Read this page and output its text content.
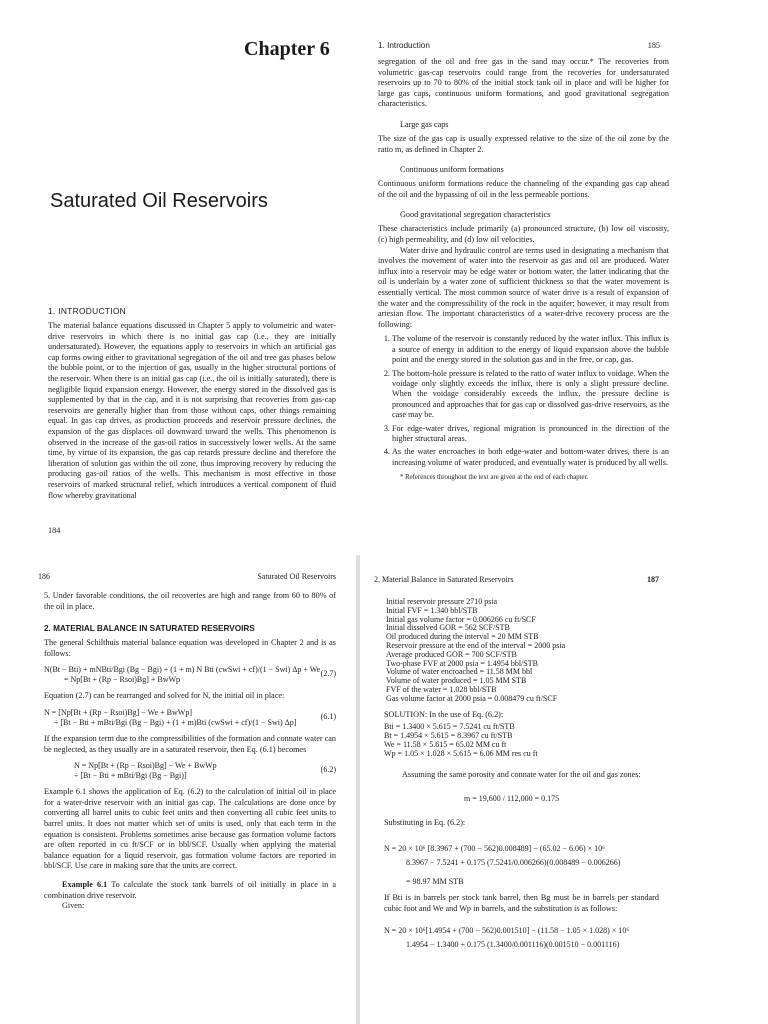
Chapter 6
Saturated Oil Reservoirs
1. INTRODUCTION

The material balance equations discussed in Chapter 5 apply to volumetric and water-drive reservoirs in which there is no initial gas cap (i.e., they are initially undersaturated). However, the equations apply to reservoirs in which an artificial gas cap forms owing either to gravitational segregation of the oil and tree gas phases below the bubble point, or to the injection of gas, usually in the higher structural portions of the reservoir. When there is an initial gas cap (i.e., the oil is initially saturated), there is negligible liquid expansion energy. However, the energy stored in the dissolved gas is supplemented by that in the cap, and it is not surprising that recoveries from gas-cap reservoirs are generally higher than from those without caps, other things remaining equal. In gas cap drives, as production proceeds and reservoir pressure declines, the expansion of the gas displaces oil downward toward the wells. This phenomenon is observed in the increase of the gas-oil ratios in successively lower wells. At the same time, by virtue of its expansion, the gas cap retards pressure decline and therefore the liberation of solution gas within the oil zone, thus improving recovery by reducing the producing gas-oil ratios of the wells. This mechanism is most effective in those reservoirs of marked structural relief, which introduces a vertical component of fluid flow whereby gravitational

184
1. Introduction	185

segregation of the oil and free gas in the sand may occur.* The recoveries from volumetric gas-cap reservoirs could range from the recoveries for undersaturated reservoirs up to 70 to 80% of the initial stock tank oil in place and will be higher for large gas caps, continuous uniform formations, and good gravitational segregation characteristics.

Large gas caps

The size of the gas cap is usually expressed relative to the size of the oil zone by the ratio m, as defined in Chapter 2.

Continuous uniform formations

Continuous uniform formations reduce the channeling of the expanding gas cap ahead of the oil and the bypassing of oil in the less permeable portions.

Good gravitational segregation characteristics

These characteristics include primarily (a) pronounced structure, (b) low oil viscosity, (c) high permeability, and (d) low oil velocities.

Water drive and hydraulic control are terms used in designating a mechanism that involves the movement of water into the reservoir as gas and oil are produced. Water influx into a reservoir may be edge water or bottom water, the latter indicating that the oil is underlain by a water zone of sufficient thickness so that the water movement is essentially vertical. The most common source of water drive is a result of expansion of the water and the compressibility of the rock in the aquifer; however, it may result from artesian flow. The important characteristics of a water-drive recovery process are the following:

1. The volume of the reservoir is constantly reduced by the water influx. This influx is a source of energy in addition to the energy of liquid expansion above the bubble point and the energy stored in the solution gas and in the free, or cap, gas.
2. The bottom-hole pressure is related to the ratio of water influx to voidage. When the voidage only slightly exceeds the influx, there is only a slight pressure decline. When the voidage considerably exceeds the influx, the pressure decline is pronounced and approaches that for gas cap or dissolved gas-drive reservoirs, as the case may be.
3. For edge-water drives, regional migration is pronounced in the direction of the higher structural areas.
4. As the water encroaches in both edge-water and bottom-water drives, there is an increasing volume of water produced, and eventually water is produced by all wells.
* References throughout the text are given at the end of each chapter.
186	Saturated Oil Reservoirs

5. Under favorable conditions, the oil recoveries are high and range from 60 to 80% of the oil in place.

2. MATERIAL BALANCE IN SATURATED RESERVOIRS

The general Schilthuis material balance equation was developed in Chapter 2 and is as follows:

N(Bt − Bti) + mNBti/Bgi (Bg − Bgi) + (1 + m) N Bti (cwSwi + cf)/(1 − Swi) Δp + We
= Np[Bt + (Rp − Rsoi)Bg] + BwWp
(2.7)

Equation (2.7) can be rearranged and solved for N, the initial oil in place:

N = [Np[Bt + (Rp − Rsoi)Bg] − We + BwWp]
÷ [Bt − Bti + mBti/Bgi (Bg − Bgi) + (1 + m)Bti (cwSwi + cf)/(1 − Swi) Δp]
(6.1)

If the expansion term due to the compressibilities of the formation and connate water can be neglected, as they usually are in a saturated reservoir, then Eq. (6.1) becomes

N = Np[Bt + (Rp − Rsoi)Bg] − We + BwWp
÷ [Bt − Bti + mBti/Bgi (Bg − Bgi)]
(6.2)

Example 6.1 shows the application of Eq. (6.2) to the calculation of initial oil in place for a water-drive reservoir with an initial gas cap. The calculations are done once by converting all barrel units to cubic feet units and then converting all cubic feet units to barrel units. It does not matter which set of units is used, only that each term in the equation is consistent. Problems sometimes arise because gas formation volume factors are often reported in cu ft/SCF or in bbl/SCF. Usually when applying the material balance equation for a liquid reservoir, gas formation volume factors are reported in bbl/SCF. Use care in making sure that the units are correct.

Example 6.1 To calculate the stock tank barrels of oil initially in place in a combination drive reservoir.

Given:

2. Material Balance in Saturated Reservoirs	187

Initial reservoir pressure 2710 psia

Initial FVF = 1.340 bbl/STB

Initial gas volume factor = 0.006266 cu ft/SCF

Initial dissolved GOR = 562 SCF/STB

Oil produced during the interval = 20 MM STB

Reservoir pressure at the end of the interval = 2000 psia

Average produced GOR = 700 SCF/STB

Two-phase FVF at 2000 psia = 1.4954 bbl/STB

Volume of water encroached = 11.58 MM bbl

Volume of water produced = 1.05 MM STB

FVF of the water = 1.028 bbl/STB

Gas volume factor at 2000 psia = 0.008479 cu ft/SCF

SOLUTION: In the use of Eq. (6.2):

Bti = 1.3400 × 5.615 = 7.5241 cu ft/STB

Bt = 1.4954 × 5.615 = 8.3967 cu ft/STB

We = 11.58 × 5.615 = 65.02 MM cu ft

Wp = 1.05 × 1.028 × 5.615 = 6.06 MM res cu ft

Assuming the same porosity and connate water for the oil and gas zones:

m = 19,600 / 112,000 = 0.175

Substituting in Eq. (6.2):

N = 20 × 10⁶ [8.3967 + (700 − 562)0.008489] − (65.02 − 6.06) × 10⁶
8.3967 − 7.5241 + 0.175 (7.5241/0.006266)(0.008489 − 0.006266)

= 98.97 MM STB

If Bti is in barrels per stock tank barrel, then Bg must be in barrels per standard cubic foot and We and Wp in barrels, and the substitution is as follows:

N = 20 × 10⁶[1.4954 + (700 − 562)0.001510] − (11.58 − 1.05 × 1.028) × 10⁶
1.4954 − 1.3400 + 0.175 (1.3400/0.001116)(0.001510 − 0.001116)
